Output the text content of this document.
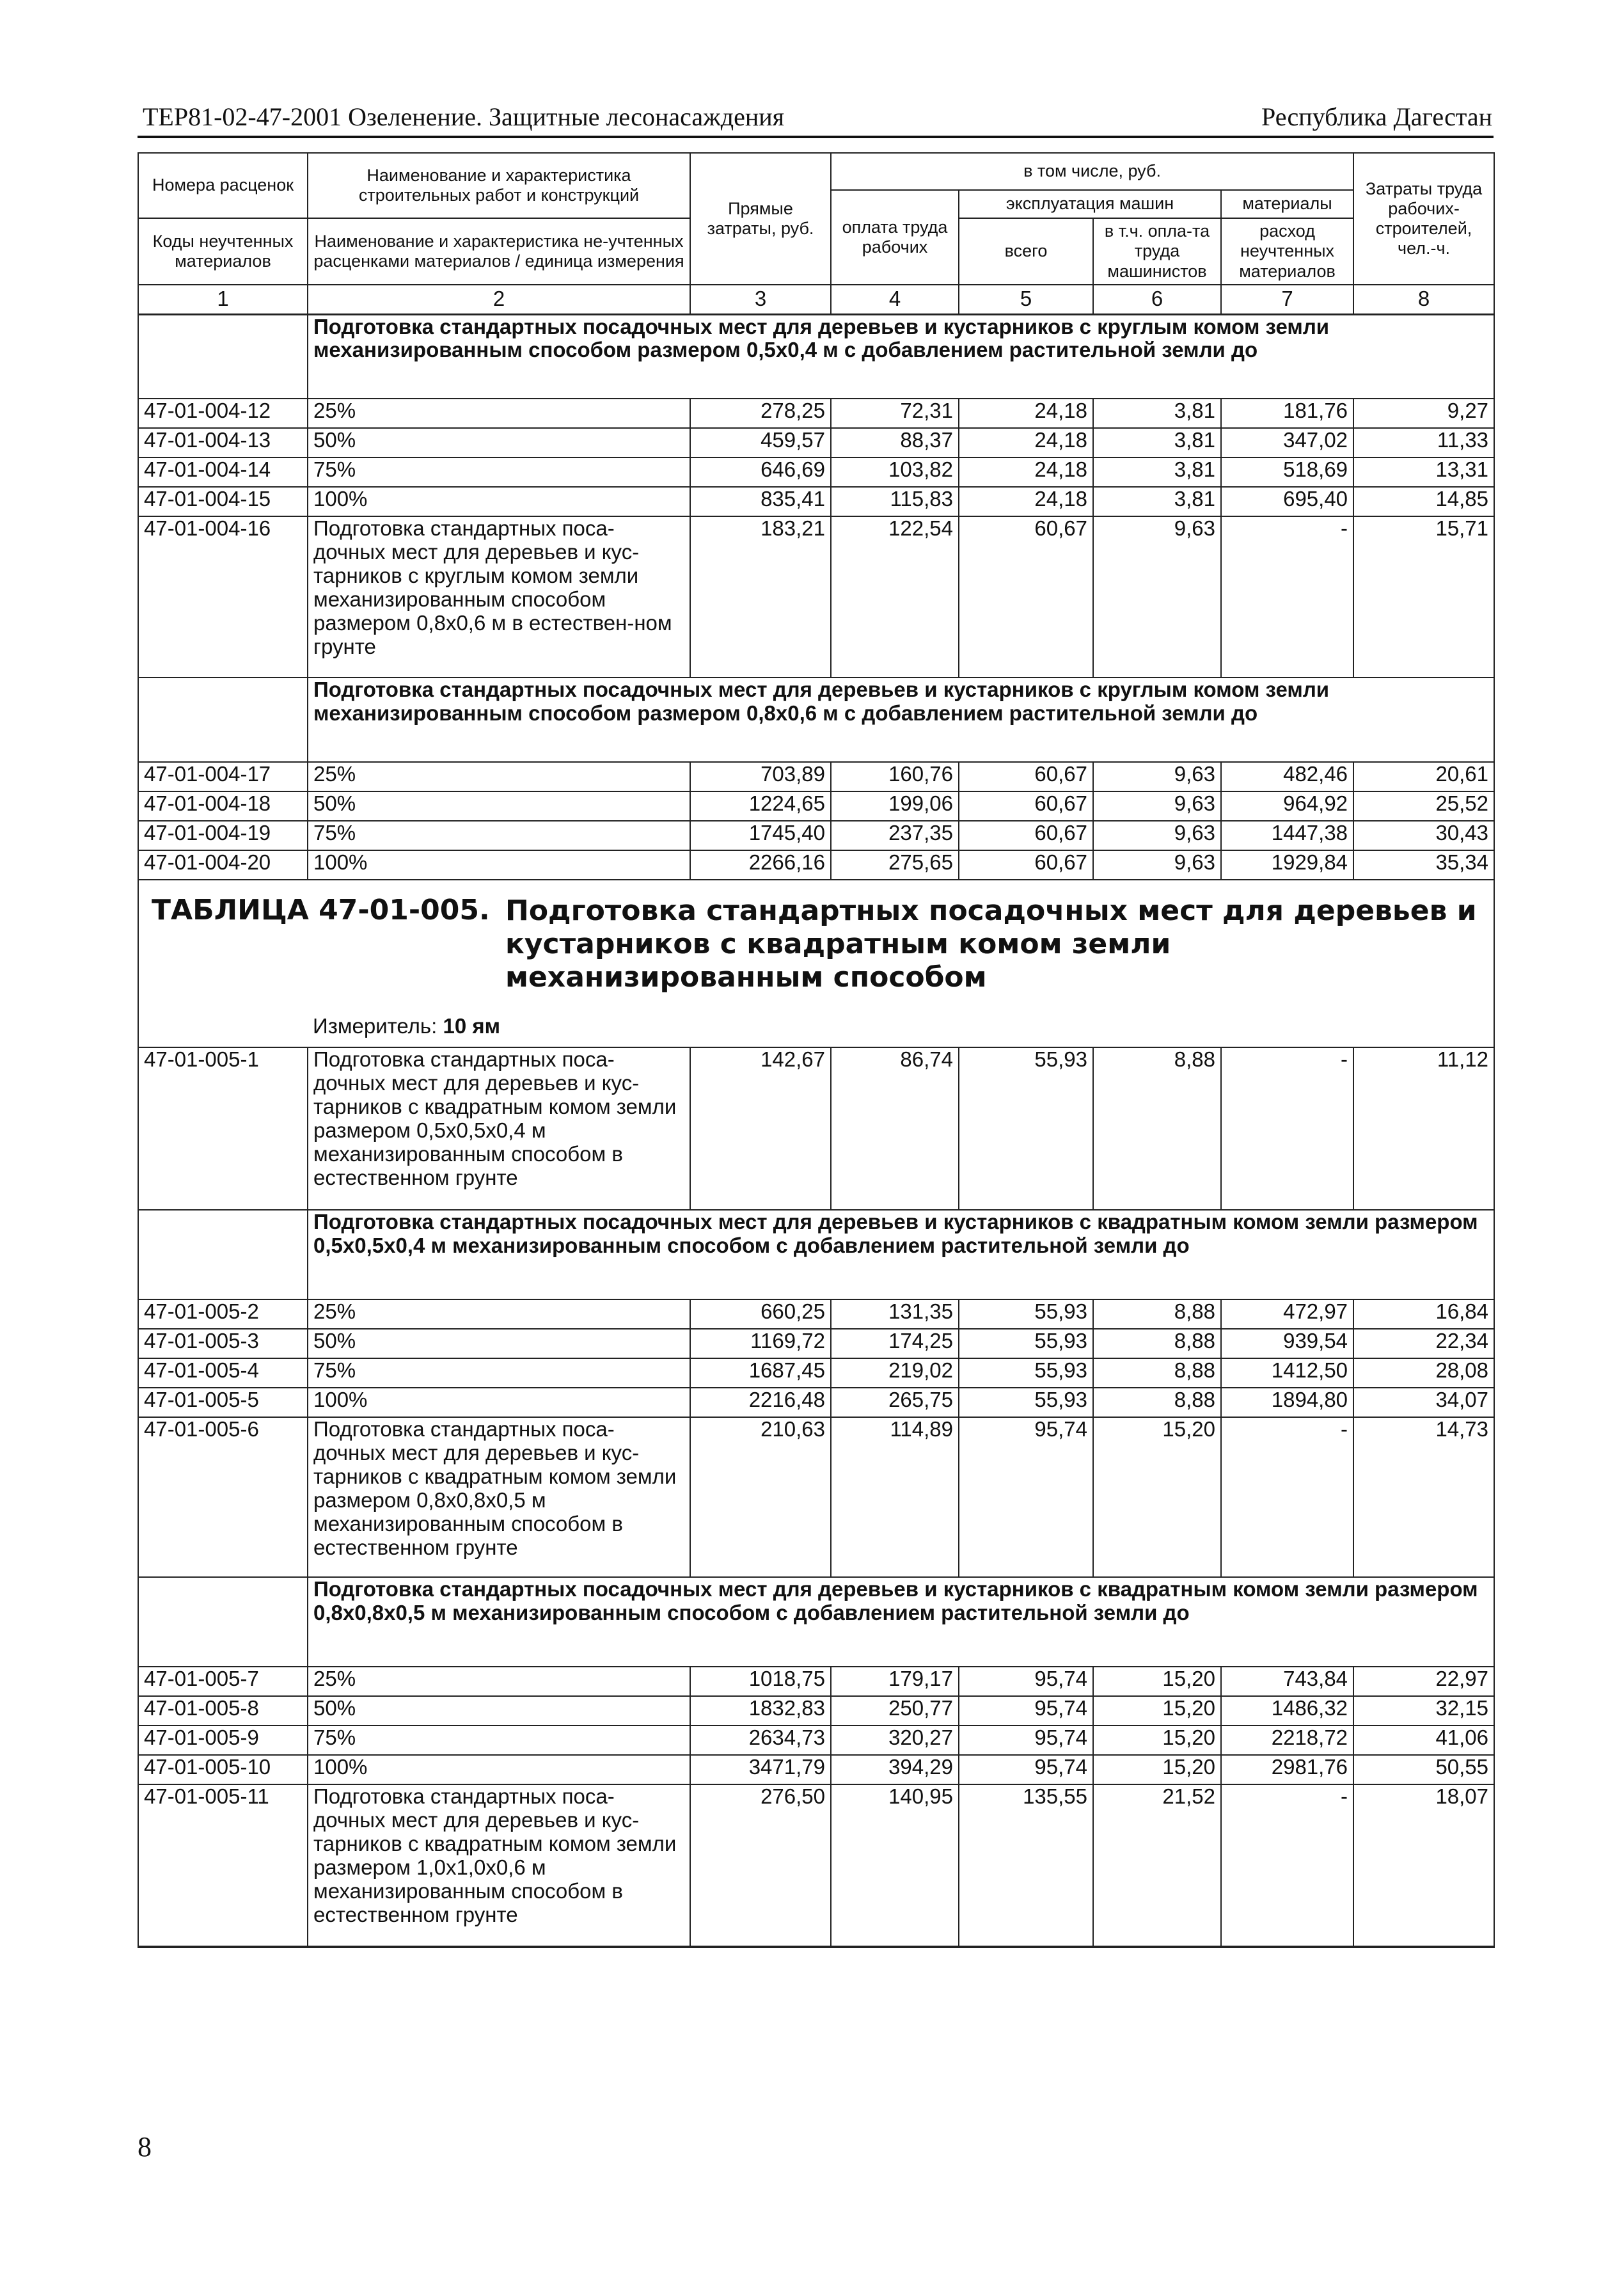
ТЕР81-02-47-2001 Озеленение. Защитные лесонасаждения	Республика Дагестан
Номера расценок	Наименование и характеристика строительных работ и конструкций	Прямые затраты, руб.	в том числе, руб.				Затраты труда рабочих-строителей, чел.-ч.
			оплата труда рабочих	эксплуатация машин		материалы	
Коды неучтенных материалов	Наименование и характеристика не-учтенных расценками материалов / единица измерения			всего	в т.ч. опла-та труда машинистов	расход неучтенных материалов	

1	2	3	4	5	6	7	8
	Подготовка стандартных посадочных мест для деревьев и кустарников с круглым комом земли механизированным способом размером 0,5х0,4 м с добавлением растительной земли до						
47-01-004-12	25%	278,25	72,31	24,18	3,81	181,76	9,27
47-01-004-13	50%	459,57	88,37	24,18	3,81	347,02	11,33
47-01-004-14	75%	646,69	103,82	24,18	3,81	518,69	13,31
47-01-004-15	100%	835,41	115,83	24,18	3,81	695,40	14,85
47-01-004-16	Подготовка стандартных поса-дочных мест для деревьев и кус-тарников с круглым комом земли механизированным способом размером 0,8х0,6 м в естествен-ном грунте	183,21	122,54	60,67	9,63	-	15,71
	Подготовка стандартных посадочных мест для деревьев и кустарников с круглым комом земли механизированным способом размером 0,8х0,6 м с добавлением растительной земли до						
47-01-004-17	25%	703,89	160,76	60,67	9,63	482,46	20,61
47-01-004-18	50%	1224,65	199,06	60,67	9,63	964,92	25,52
47-01-004-19	75%	1745,40	237,35	60,67	9,63	1447,38	30,43
47-01-004-20	100%	2266,16	275,65	60,67	9,63	1929,84	35,34

ТАБЛИЦА 47-01-005. Подготовка стандартных посадочных мест для деревьев и кустарников с квадратным комом земли механизированным способом
Измеритель: 10 ям							

47-01-005-1	Подготовка стандартных поса-дочных мест для деревьев и кус-тарников с квадратным комом земли размером 0,5х0,5х0,4 м механизированным способом в естественном грунте	142,67	86,74	55,93	8,88	-	11,12
	Подготовка стандартных посадочных мест для деревьев и кустарников с квадратным комом земли размером 0,5х0,5х0,4 м механизированным способом с добавлением растительной земли до						
47-01-005-2	25%	660,25	131,35	55,93	8,88	472,97	16,84
47-01-005-3	50%	1169,72	174,25	55,93	8,88	939,54	22,34
47-01-005-4	75%	1687,45	219,02	55,93	8,88	1412,50	28,08
47-01-005-5	100%	2216,48	265,75	55,93	8,88	1894,80	34,07
47-01-005-6	Подготовка стандартных поса-дочных мест для деревьев и кус-тарников с квадратным комом земли размером 0,8х0,8х0,5 м механизированным способом в естественном грунте	210,63	114,89	95,74	15,20	-	14,73
	Подготовка стандартных посадочных мест для деревьев и кустарников с квадратным комом земли размером 0,8х0,8х0,5 м механизированным способом с добавлением растительной земли до						
47-01-005-7	25%	1018,75	179,17	95,74	15,20	743,84	22,97
47-01-005-8	50%	1832,83	250,77	95,74	15,20	1486,32	32,15
47-01-005-9	75%	2634,73	320,27	95,74	15,20	2218,72	41,06
47-01-005-10	100%	3471,79	394,29	95,74	15,20	2981,76	50,55
47-01-005-11	Подготовка стандартных поса-дочных мест для деревьев и кус-тарников с квадратным комом земли размером 1,0х1,0х0,6 м механизированным способом в естественном грунте	276,50	140,95	135,55	21,52	-	18,07
8
